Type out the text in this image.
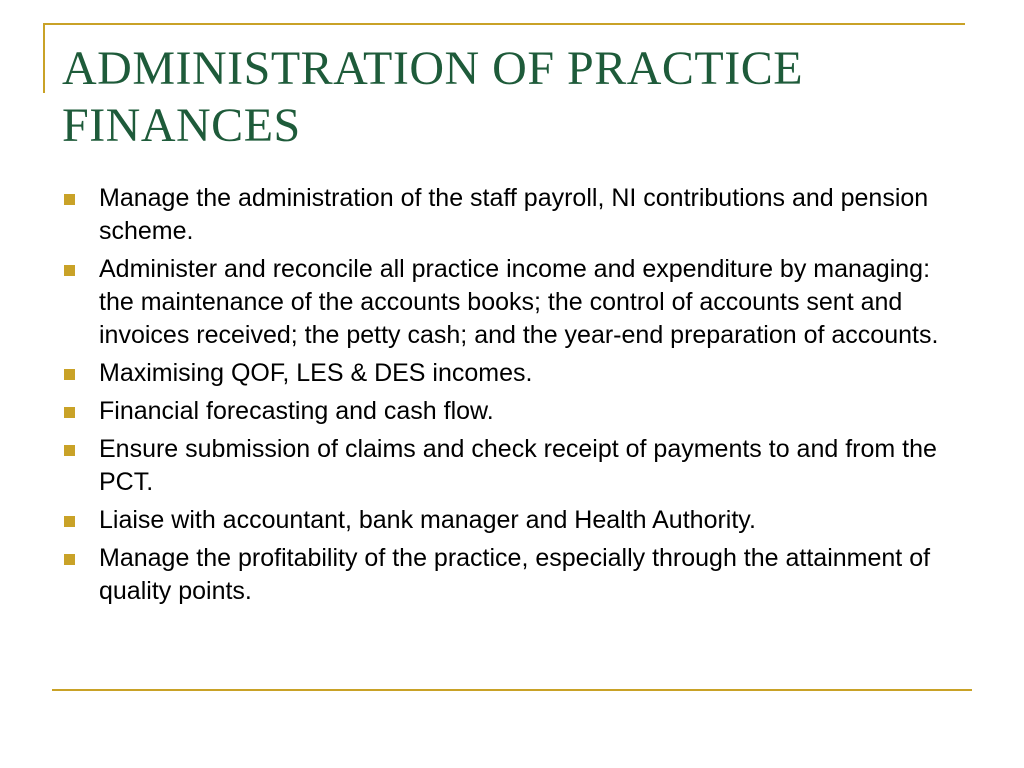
ADMINISTRATION OF PRACTICE FINANCES
Manage the administration of the staff payroll, NI contributions and pension scheme.
Administer and reconcile all practice income and expenditure by managing: the maintenance of the accounts books; the control of accounts sent and invoices received; the petty cash; and the year-end preparation of accounts.
Maximising QOF, LES & DES incomes.
Financial forecasting and cash flow.
Ensure submission of claims and check receipt of payments to and from the PCT.
Liaise with accountant, bank manager and Health Authority.
Manage the profitability of the practice, especially through the attainment of quality points.
